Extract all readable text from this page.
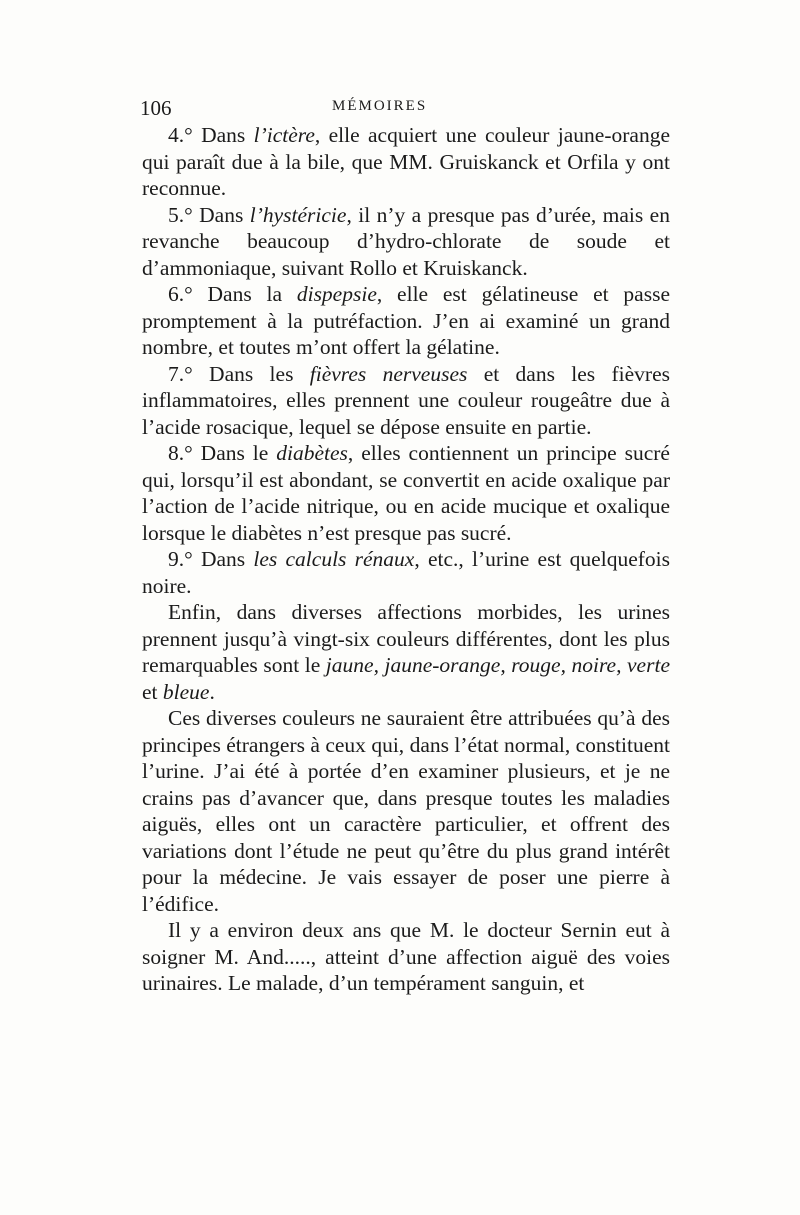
106	MÉMOIRES

4.° Dans l’ictère, elle acquiert une couleur jaune-orange qui paraît due à la bile, que MM. Gruiskanck et Orfila y ont reconnue.

5.° Dans l’hystéricie, il n’y a presque pas d’urée, mais en revanche beaucoup d’hydro-chlorate de soude et d’ammoniaque, suivant Rollo et Kruiskanck.

6.° Dans la dispepsie, elle est gélatineuse et passe promptement à la putréfaction. J’en ai examiné un grand nombre, et toutes m’ont offert la gélatine.

7.° Dans les fièvres nerveuses et dans les fièvres inflammatoires, elles prennent une couleur rougeâtre due à l’acide rosacique, lequel se dépose ensuite en partie.

8.° Dans le diabètes, elles contiennent un principe sucré qui, lorsqu’il est abondant, se convertit en acide oxalique par l’action de l’acide nitrique, ou en acide mucique et oxalique lorsque le diabètes n’est presque pas sucré.

9.° Dans les calculs rénaux, etc., l’urine est quelquefois noire.

Enfin, dans diverses affections morbides, les urines prennent jusqu’à vingt-six couleurs différentes, dont les plus remarquables sont le jaune, jaune-orange, rouge, noire, verte et bleue.

Ces diverses couleurs ne sauraient être attribuées qu’à des principes étrangers à ceux qui, dans l’état normal, constituent l’urine. J’ai été à portée d’en examiner plusieurs, et je ne crains pas d’avancer que, dans presque toutes les maladies aiguës, elles ont un caractère particulier, et offrent des variations dont l’étude ne peut qu’être du plus grand intérêt pour la médecine. Je vais essayer de poser une pierre à l’édifice.

Il y a environ deux ans que M. le docteur Sernin eut à soigner M. And....., atteint d’une affection aiguë des voies urinaires. Le malade, d’un tempérament sanguin, et
